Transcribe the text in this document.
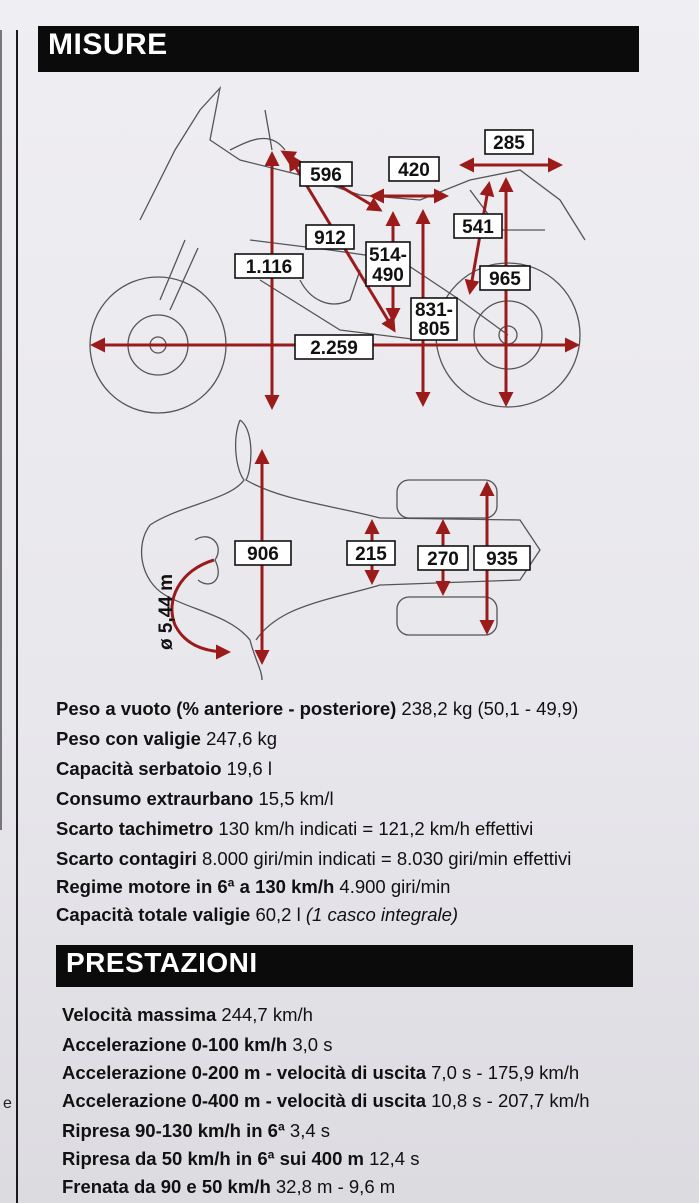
e
MISURE
285
596	420
912
541
1.116
514-
490	965
831-
805
2.259
906	215 270 935
ø 5,44 m
Peso a vuoto (% anteriore - posteriore) 238,2 kg (50,1 - 49,9)
Peso con valigie 247,6 kg
Capacità serbatoio 19,6 l
Consumo extraurbano 15,5 km/l
Scarto tachimetro 130 km/h indicati = 121,2 km/h effettivi
Scarto contagiri 8.000 giri/min indicati = 8.030 giri/min effettivi
Regime motore in 6ª a 130 km/h 4.900 giri/min
Capacità totale valigie 60,2 l (1 casco integrale)
PRESTAZIONI
Velocità massima 244,7 km/h
Accelerazione 0-100 km/h 3,0 s
Accelerazione 0-200 m - velocità di uscita 7,0 s - 175,9 km/h
Accelerazione 0-400 m - velocità di uscita 10,8 s - 207,7 km/h
Ripresa 90-130 km/h in 6ª 3,4 s
Ripresa da 50 km/h in 6ª sui 400 m 12,4 s
Frenata da 90 e 50 km/h 32,8 m - 9,6 m
